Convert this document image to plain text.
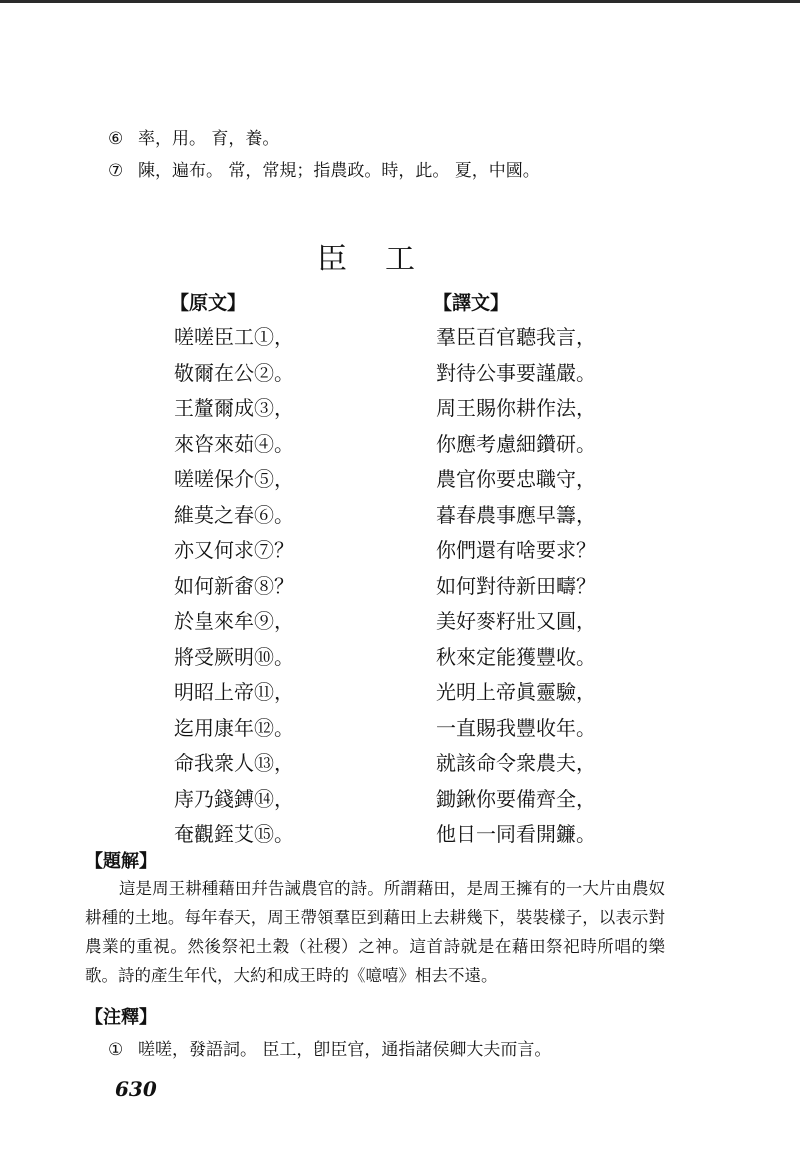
⑥ 率，用。 育，養。
⑦ 陳，遍布。 常，常規；指農政。時，此。 夏，中國。
臣工
【原文】	【譯文】
嗟嗟臣工①，
敬爾在公②。
王釐爾成③，
來咨來茹④。
嗟嗟保介⑤，
維莫之春⑥。
亦又何求⑦？
如何新畬⑧？
於皇來牟⑨，
將受厥明⑩。
明昭上帝⑪，
迄用康年⑫。
命我衆人⑬，
庤乃錢鎛⑭，
奄觀銍艾⑮。
羣臣百官聽我言，
對待公事要謹嚴。
周王賜你耕作法，
你應考慮細鑽研。
農官你要忠職守，
暮春農事應早籌，
你們還有啥要求？
如何對待新田疇？
美好麥籽壯又圓，
秋來定能獲豐收。
光明上帝眞靈驗，
一直賜我豐收年。
就該命令衆農夫，
鋤鍬你要備齊全，
他日一同看開鐮。
【題解】
這是周王耕種藉田幷告誡農官的詩。所謂藉田，是周王擁有的一大片由農奴耕種的土地。每年春天，周王帶領羣臣到藉田上去耕幾下，裝裝樣子，以表示對農業的重視。然後祭祀土穀（社稷）之神。這首詩就是在藉田祭祀時所唱的樂歌。詩的產生年代，大約和成王時的《噫嘻》相去不遠。
【注釋】
① 嗟嗟，發語詞。 臣工，卽臣官，通指諸侯卿大夫而言。
630
